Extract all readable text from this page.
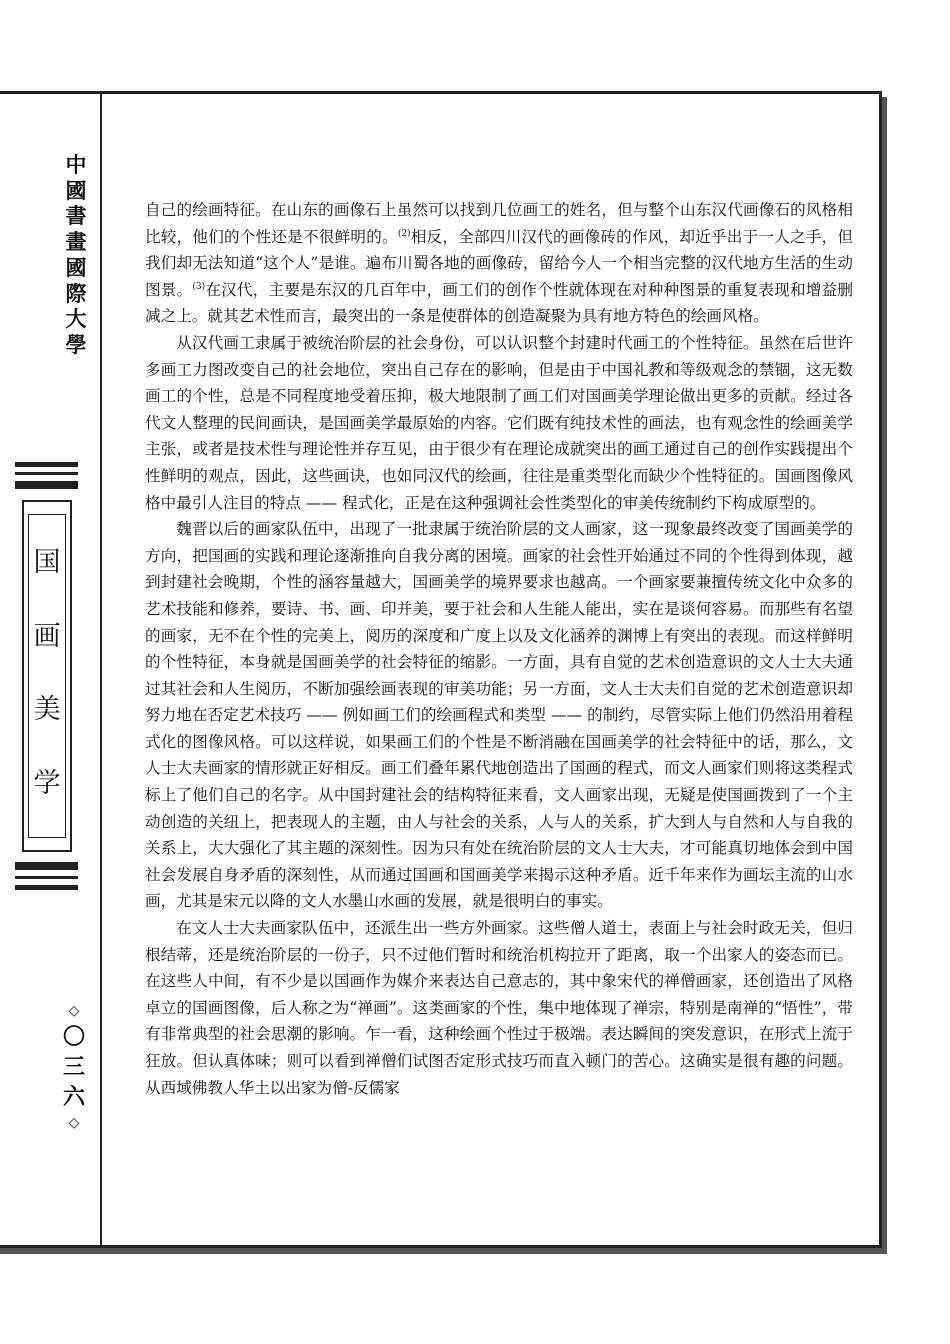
中
國
書
畫
國
際
大
學
国
画
美
学
◇
〇
三
六
◇

自己的绘画特征。在山东的画像石上虽然可以找到几位画工的姓名，但与整个山东汉代画像石的风格相比较，他们的个性还是不很鲜明的。$^{(2)}$相反，全部四川汉代的画像砖的作风，却近乎出于一人之手，但我们却无法知道“这个人”是谁。遍布川蜀各地的画像砖，留给今人一个相当完整的汉代地方生活的生动图景。$^{(3)}$在汉代，主要是东汉的几百年中，画工们的创作个性就体现在对种种图景的重复表现和增益删减之上。就其艺术性而言，最突出的一条是使群体的创造凝聚为具有地方特色的绘画风格。

从汉代画工隶属于被统治阶层的社会身份，可以认识整个封建时代画工的个性特征。虽然在后世许多画工力图改变自己的社会地位，突出自己存在的影响，但是由于中国礼教和等级观念的禁锢，这无数画工的个性，总是不同程度地受着压抑，极大地限制了画工们对国画美学理论做出更多的贡献。经过各代文人整理的民间画诀，是国画美学最原始的内容。它们既有纯技术性的画法，也有观念性的绘画美学主张，或者是技术性与理论性并存互见，由于很少有在理论成就突出的画工通过自己的创作实践提出个性鲜明的观点，因此，这些画诀，也如同汉代的绘画，往往是重类型化而缺少个性特征的。国画图像风格中最引人注目的特点 —— 程式化，正是在这种强调社会性类型化的审美传统制约下构成原型的。

魏晋以后的画家队伍中，出现了一批隶属于统治阶层的文人画家，这一现象最终改变了国画美学的方向，把国画的实践和理论逐渐推向自我分离的困境。画家的社会性开始通过不同的个性得到体现，越到封建社会晚期，个性的涵容量越大，国画美学的境界要求也越高。一个画家要兼擅传统文化中众多的艺术技能和修养，要诗、书、画、印并美，要于社会和人生能人能出，实在是谈何容易。而那些有名望的画家，无不在个性的完美上，阅历的深度和广度上以及文化涵养的渊博上有突出的表现。而这样鲜明的个性特征，本身就是国画美学的社会特征的缩影。一方面，具有自觉的艺术创造意识的文人士大夫通过其社会和人生阅历，不断加强绘画表现的审美功能；另一方面，文人士大夫们自觉的艺术创造意识却努力地在否定艺术技巧 —— 例如画工们的绘画程式和类型 —— 的制约，尽管实际上他们仍然沿用着程式化的图像风格。可以这样说，如果画工们的个性是不断消融在国画美学的社会特征中的话，那么，文人士大夫画家的情形就正好相反。画工们叠年累代地创造出了国画的程式，而文人画家们则将这类程式标上了他们自己的名字。从中国封建社会的结构特征来看，文人画家出现，无疑是使国画拨到了一个主动创造的关纽上，把表现人的主题，由人与社会的关系，人与人的关系，扩大到人与自然和人与自我的关系上，大大强化了其主题的深刻性。因为只有处在统治阶层的文人士大夫，才可能真切地体会到中国社会发展自身矛盾的深刻性，从而通过国画和国画美学来揭示这种矛盾。近千年来作为画坛主流的山水画，尤其是宋元以降的文人水墨山水画的发展，就是很明白的事实。

在文人士大夫画家队伍中，还派生出一些方外画家。这些僧人道士，表面上与社会时政无关，但归根结蒂，还是统治阶层的一份子，只不过他们暂时和统治机构拉开了距离，取一个出家人的姿态而已。在这些人中间，有不少是以国画作为媒介来表达自己意志的，其中象宋代的禅僧画家，还创造出了风格卓立的国画图像，后人称之为“禅画”。这类画家的个性，集中地体现了禅宗，特别是南禅的“悟性”，带有非常典型的社会思潮的影响。乍一看，这种绘画个性过于极端。表达瞬间的突发意识，在形式上流于狂放。但认真体味；则可以看到禅僧们试图否定形式技巧而直入顿门的苦心。这确实是很有趣的问题。从西域佛教人华土以出家为僧-反儒家
